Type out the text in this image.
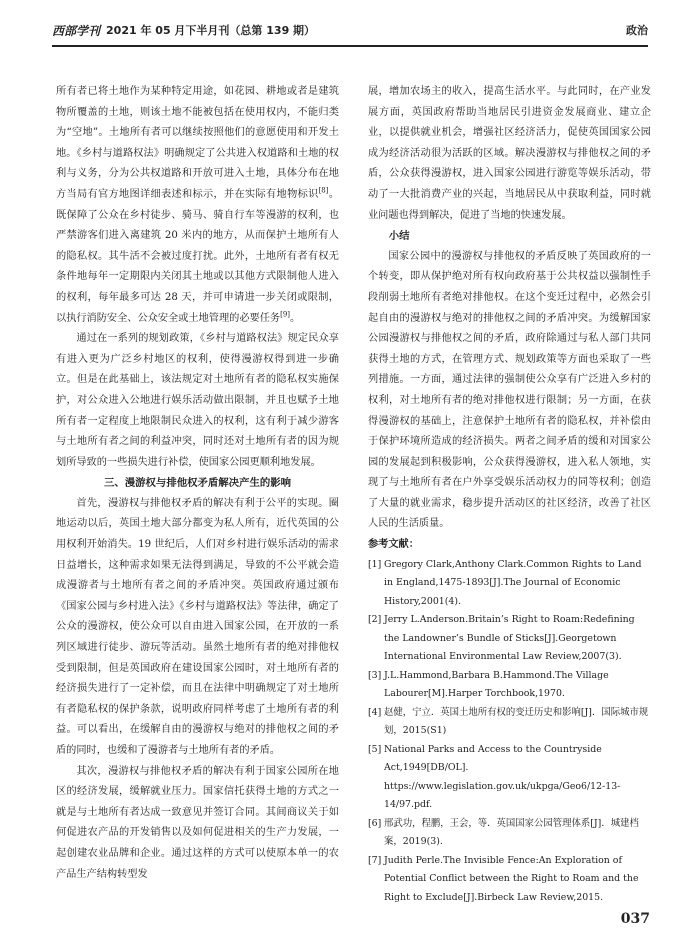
西部学刊 2021 年 05 月下半月刊（总第 139 期）	政治

所有者已将土地作为某种特定用途，如花园、耕地或者是建筑物所覆盖的土地，则该土地不能被包括在使用权内，不能归类为“空地”。土地所有者可以继续按照他们的意愿使用和开发土地。《乡村与道路权法》明确规定了公共进入权道路和土地的权利与义务，分为公共权道路和开放可进入土地，具体分布在地方当局有官方地图详细表述和标示，并在实际有地物标识[8]。既保障了公众在乡村徒步、骑马、骑自行车等漫游的权利，也严禁游客们进入离建筑 20 米内的地方，从而保护土地所有人的隐私权。其牛活不会被过度打扰。此外，土地所有者有权无条件地每年一定期限内关闭其土地或以其他方式限制他人进入的权利，每年最多可达 28 天，并可申请进一步关闭或限制，以执行消防安全、公众安全或土地管理的必要任务[9]。

通过在一系列的规划政策，《乡村与道路权法》规定民众享有进入更为广泛乡村地区的权利，使得漫游权得到进一步确立。但是在此基础上，该法规定对土地所有者的隐私权实施保护，对公众进入公地进行娱乐活动做出限制，并且也赋予土地所有者一定程度上地限制民众进入的权利，这有利于减少游客与土地所有者之间的利益冲突，同时还对土地所有者的因为规划所导致的一些损失进行补偿，使国家公园更顺利地发展。

三、漫游权与排他权矛盾解决产生的影响

首先，漫游权与排他权矛盾的解决有利于公平的实现。圈地运动以后，英国土地大部分都变为私人所有，近代英国的公用权利开始消失。19 世纪后，人们对乡村进行娱乐活动的需求日益增长，这种需求如果无法得到满足，导致的不公平就会造成漫游者与土地所有者之间的矛盾冲突。英国政府通过颁布《国家公园与乡村进入法》《乡村与道路权法》等法律，确定了公众的漫游权，使公众可以自由进入国家公园，在开放的一系列区域进行徒步、游玩等活动。虽然土地所有者的绝对排他权受到限制，但是英国政府在建设国家公园时，对土地所有者的经济损失进行了一定补偿，而且在法律中明确规定了对土地所有者隐私权的保护条款，说明政府同样考虑了土地所有者的利益。可以看出，在缓解自由的漫游权与绝对的排他权之间的矛盾的同时，也缓和了漫游者与土地所有者的矛盾。

其次，漫游权与排他权矛盾的解决有利于国家公园所在地区的经济发展，缓解就业压力。国家信托获得土地的方式之一就是与土地所有者达成一致意见并签订合同。其间商议关于如何促进农产品的开发销售以及如何促进相关的生产力发展，一起创建农业品牌和企业。通过这样的方式可以使原本单一的农产品生产结构转型发

展，增加农场主的收入，提高生活水平。与此同时，在产业发展方面，英国政府帮助当地居民引进资金发展商业、建立企业，以提供就业机会，增强社区经济活力，促使英国国家公园成为经济活动很为活跃的区域。解决漫游权与排他权之间的矛盾，公众获得漫游权，进入国家公园进行游览等娱乐活动，带动了一大批消费产业的兴起，当地居民从中获取利益，同时就业问题也得到解决，促进了当地的快速发展。

小结

国家公园中的漫游权与排他权的矛盾反映了英国政府的一个转变，即从保护绝对所有权向政府基于公共权益以强制性手段削弱土地所有者绝对排他权。在这个变迁过程中，必然会引起自由的漫游权与绝对的排他权之间的矛盾冲突。为缓解国家公园漫游权与排他权之间的矛盾，政府除通过与私人部门共同获得土地的方式，在管理方式、规划政策等方面也采取了一些列措施。一方面，通过法律的强制使公众享有广泛进入乡村的权利，对土地所有者的绝对排他权进行限制；另一方面，在获得漫游权的基础上，注意保护土地所有者的隐私权，并补偿由于保护环境所造成的经济损失。两者之间矛盾的缓和对国家公园的发展起到积极影响，公众获得漫游权，进入私人领地，实现了与土地所有者在户外享受娱乐活动权力的同等权利；创造了大量的就业需求，稳步提升活动区的社区经济，改善了社区人民的生活质量。

参考文献：

[1] Gregory Clark,Anthony Clark.Common Rights to Land in England,1475-1893[J].The Journal of Economic History,2001(4).
[2] Jerry L.Anderson.Britain’s Right to Roam:Redefining the Landowner’s Bundle of Sticks[J].Georgetown International Environmental Law Review,2007(3).
[3] J.L.Hammond,Barbara B.Hammond.The Village Labourer[M].Harper Torchbook,1970.
[4] 赵健，宁立．英国土地所有权的变迁历史和影响[J]．国际城市规划，2015(S1)
[5] National Parks and Access to the Countryside Act,1949[DB/OL]. https://www.legislation.gov.uk/ukpga/Geo6/12-13-14/97.pdf.
[6] 邢武功，程鹏，王会，等．英国国家公园管理体系[J]．城建档案，2019(3).
[7] Judith Perle.The Invisible Fence:An Exploration of Potential Conflict between the Right to Roam and the Right to Exclude[J].Birbeck Law Review,2015.
037
